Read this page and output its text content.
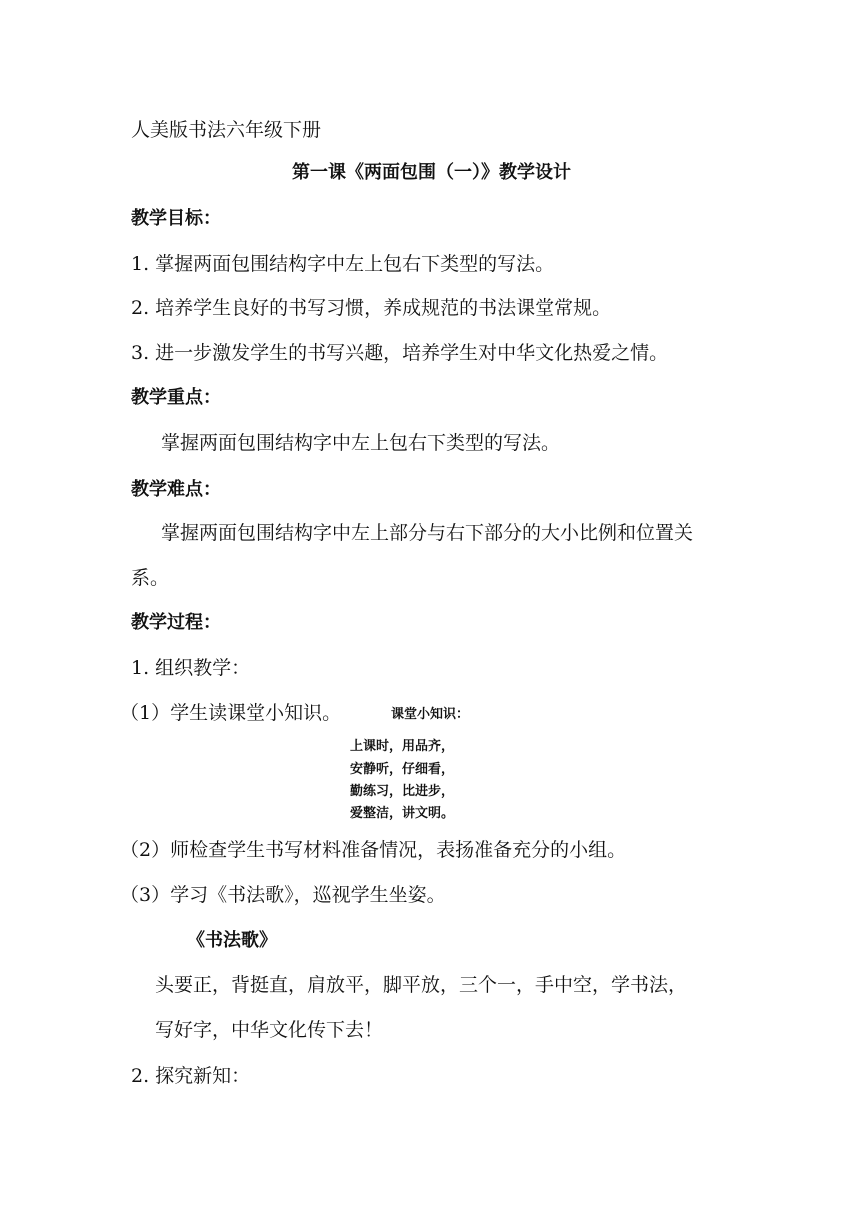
人美版书法六年级下册
第一课《两面包围（一）》教学设计
教学目标：
1. 掌握两面包围结构字中左上包右下类型的写法。
2. 培养学生良好的书写习惯，养成规范的书法课堂常规。
3. 进一步激发学生的书写兴趣，培养学生对中华文化热爱之情。
教学重点：
掌握两面包围结构字中左上包右下类型的写法。
教学难点：
掌握两面包围结构字中左上部分与右下部分的大小比例和位置关
系。
教学过程：
1. 组织教学：
（1）学生读课堂小知识。	课堂小知识：
上课时，用品齐，
安静听，仔细看，
勤练习，比进步，
爱整洁，讲文明。
（2）师检查学生书写材料准备情况，表扬准备充分的小组。
（3）学习《书法歌》，巡视学生坐姿。
《书法歌》
头要正，背挺直，肩放平，脚平放，三个一，手中空，学书法，
写好字，中华文化传下去！
2. 探究新知：
